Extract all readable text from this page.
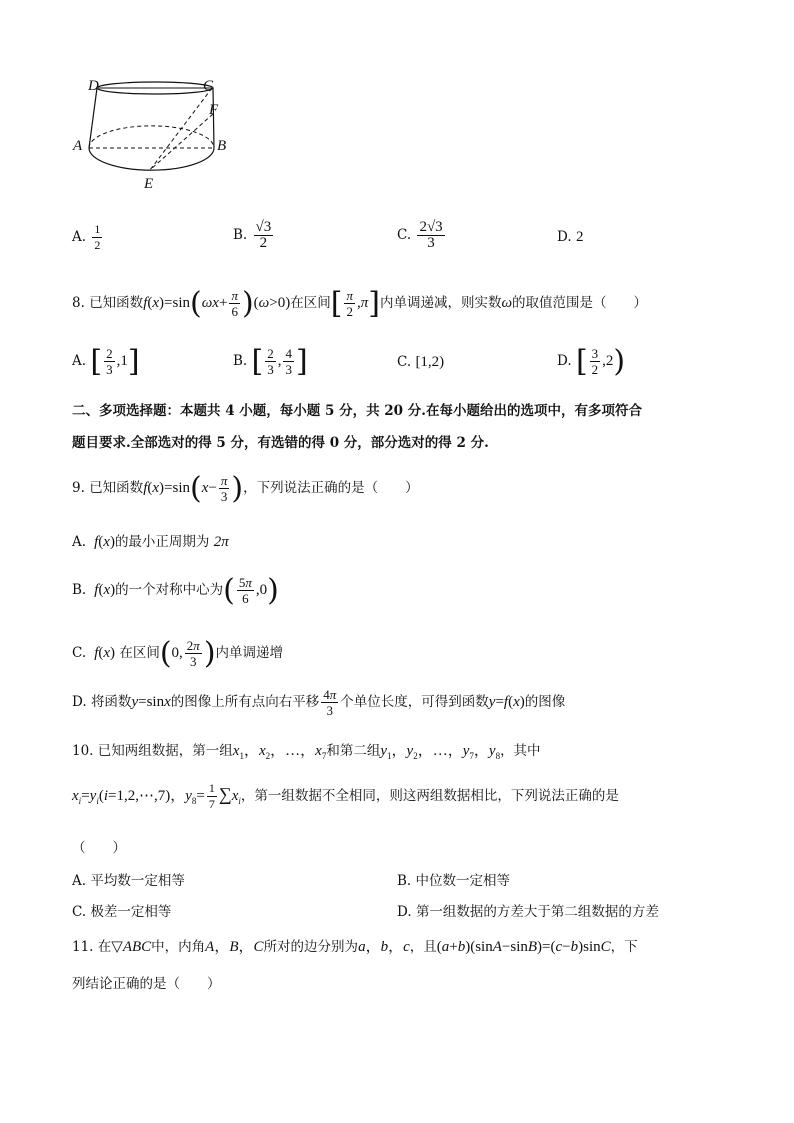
D	C
F
A	B
E
A. $\frac{1}{2}$	B. $\frac{√3}{2}$	C. $\frac{2√3}{3}$	D. 2
8. 已知函数$f(x)=\sin(\omega x+ \frac{\pi}{6} )(\omega>0)$在区间[ $\frac{\pi}{2} ,\pi$]内单调递减，则实数ω的取值范围是（　　）
A. [ $\frac{2}{3} ,1$]	B. [ $\frac{2}{3}$ , $\frac{4}{3}$ ]	C. [1,2)	D. [ $\frac{3}{2} ,2$)
二、多项选择题：本题共 4 小题，每小题 5 分，共 20 分.在每小题给出的选项中，有多项符合
题目要求.全部选对的得 5 分，有选错的得 0 分，部分选对的得 2 分.
9. 已知函数$f(x)=\sin(x- \frac{\pi}{3}$ )，下列说法正确的是（　　）
A. f(x)的最小正周期为 2π
B. f(x)的一个对称中心为( $\frac{5\pi}{6} ,0$)
C. f(x) 在区间(0, $\frac{2\pi}{3}$ )内单调递增
D. 将函数y=sinx的图像上所有点向右平移 $\frac{4\pi}{3}$ 个单位长度，可得到函数y=f(x)的图像
10. 已知两组数据，第一组$x_1$，$x_2$，…，$x_7$和第二组$y_1$，$y_2$，…，$y_7$，$y_8$，其中
$x_i=y_i(i=1,2,\cdots,7)$，$y_8= \frac{1}{7} \sum x_i$，第一组数据不全相同，则这两组数据相比，下列说法正确的是
（　　）
A. 平均数一定相等	B. 中位数一定相等
C. 极差一定相等	D. 第一组数据的方差大于第二组数据的方差
11. 在▽ABC中，内角A，B，C所对的边分别为a，b，c，且(a+b)(sinA−sinB)=(c−b)sinC，下
列结论正确的是（　　）
